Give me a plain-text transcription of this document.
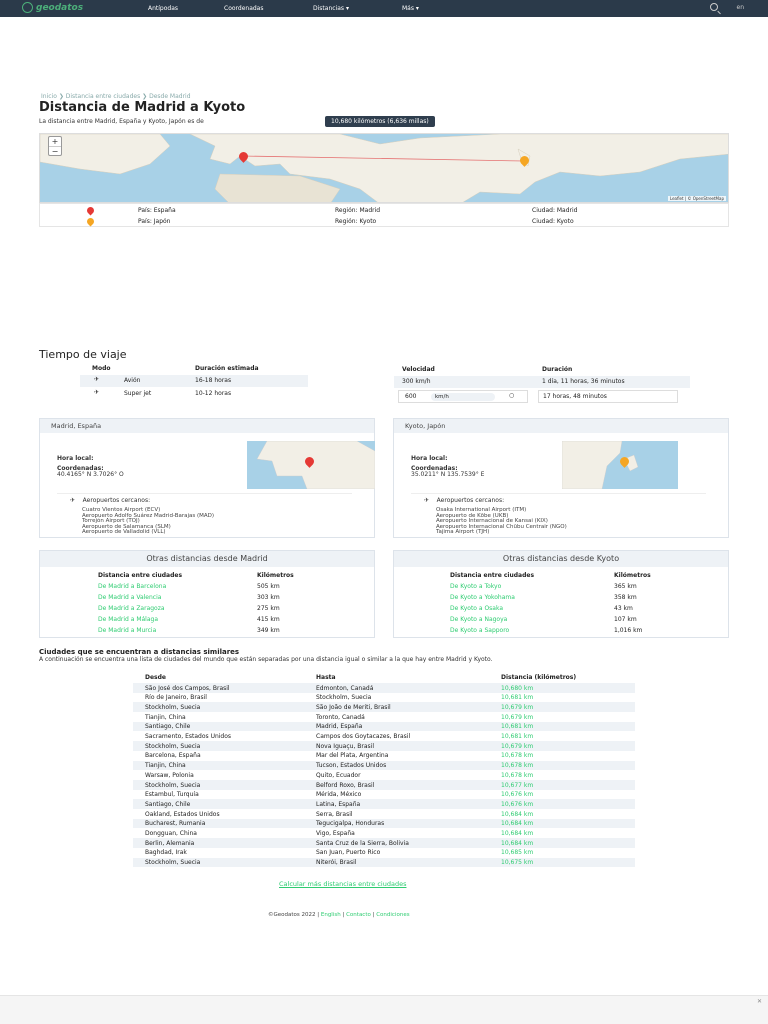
geodatos	Antípodas	Coordenadas	Distancias ▾	Más ▾	en
Inicio ❯ Distancia entre ciudades ❯ Desde Madrid
Distancia de Madrid a Kyoto
La distancia entre Madrid, España y Kyoto, Japón es de	10,680 kilómetros (6,636 millas)
+
−
Leaflet | © OpenStreetMap
País: España	Región: Madrid	Ciudad: Madrid
País: Japón	Región: Kyoto	Ciudad: Kyoto
Tiempo de viaje
Modo	Duración estimada
✈	Avión	16-18 horas
✈	Super jet	10-12 horas
Velocidad	Duración
300 km/h	1 día, 11 horas, 36 minutos
600	km/h	○	17 horas, 48 minutos
Madrid, España
Hora local:
Coordenadas:
40.4165° N 3.7026° O
✈ Aeropuertos cercanos:
Cuatro Vientos Airport (ECV)
Aeropuerto Adolfo Suárez Madrid-Barajas (MAD)
Torrejón Airport (TOJ)
Aeropuerto de Salamanca (SLM)
Aeropuerto de Valladolid (VLL)
Kyoto, Japón
Hora local:
Coordenadas:
35.0211° N 135.7539° E
✈ Aeropuertos cercanos:
Osaka International Airport (ITM)
Aeropuerto de Kōbe (UKB)
Aeropuerto Internacional de Kansai (KIX)
Aeropuerto Internacional Chūbu Centrair (NGO)
Tajima Airport (TJH)
Otras distancias desde Madrid
Distancia entre ciudades	Kilómetros
De Madrid a Barcelona	505 km
De Madrid a Valencia	303 km
De Madrid a Zaragoza	275 km
De Madrid a Málaga	415 km
De Madrid a Murcia	349 km
Otras distancias desde Kyoto
Distancia entre ciudades	Kilómetros
De Kyoto a Tokyo	365 km
De Kyoto a Yokohama	358 km
De Kyoto a Osaka	43 km
De Kyoto a Nagoya	107 km
De Kyoto a Sapporo	1,016 km
Ciudades que se encuentran a distancias similares
A continuación se encuentra una lista de ciudades del mundo que están separadas por una distancia igual o similar a la que hay entre Madrid y Kyoto.
Desde	Hasta	Distancia (kilómetros)
São José dos Campos, Brasil	Edmonton, Canadá	10,680 km
Río de Janeiro, Brasil	Stockholm, Suecia	10,681 km
Stockholm, Suecia	São João de Meriti, Brasil	10,679 km
Tianjin, China	Toronto, Canadá	10,679 km
Santiago, Chile	Madrid, España	10,681 km
Sacramento, Estados Unidos	Campos dos Goytacazes, Brasil	10,681 km
Stockholm, Suecia	Nova Iguaçu, Brasil	10,679 km
Barcelona, España	Mar del Plata, Argentina	10,678 km
Tianjin, China	Tucson, Estados Unidos	10,678 km
Warsaw, Polonia	Quito, Ecuador	10,678 km
Stockholm, Suecia	Belford Roxo, Brasil	10,677 km
Estambul, Turquía	Mérida, México	10,676 km
Santiago, Chile	Latina, España	10,676 km
Oakland, Estados Unidos	Serra, Brasil	10,684 km
Bucharest, Rumania	Tegucigalpa, Honduras	10,684 km
Dongguan, China	Vigo, España	10,684 km
Berlin, Alemania	Santa Cruz de la Sierra, Bolivia	10,684 km
Baghdad, Irak	San Juan, Puerto Rico	10,685 km
Stockholm, Suecia	Niterói, Brasil	10,675 km
Calcular más distancias entre ciudades
©Geodatos 2022 | English | Contacto | Condiciones
✕
